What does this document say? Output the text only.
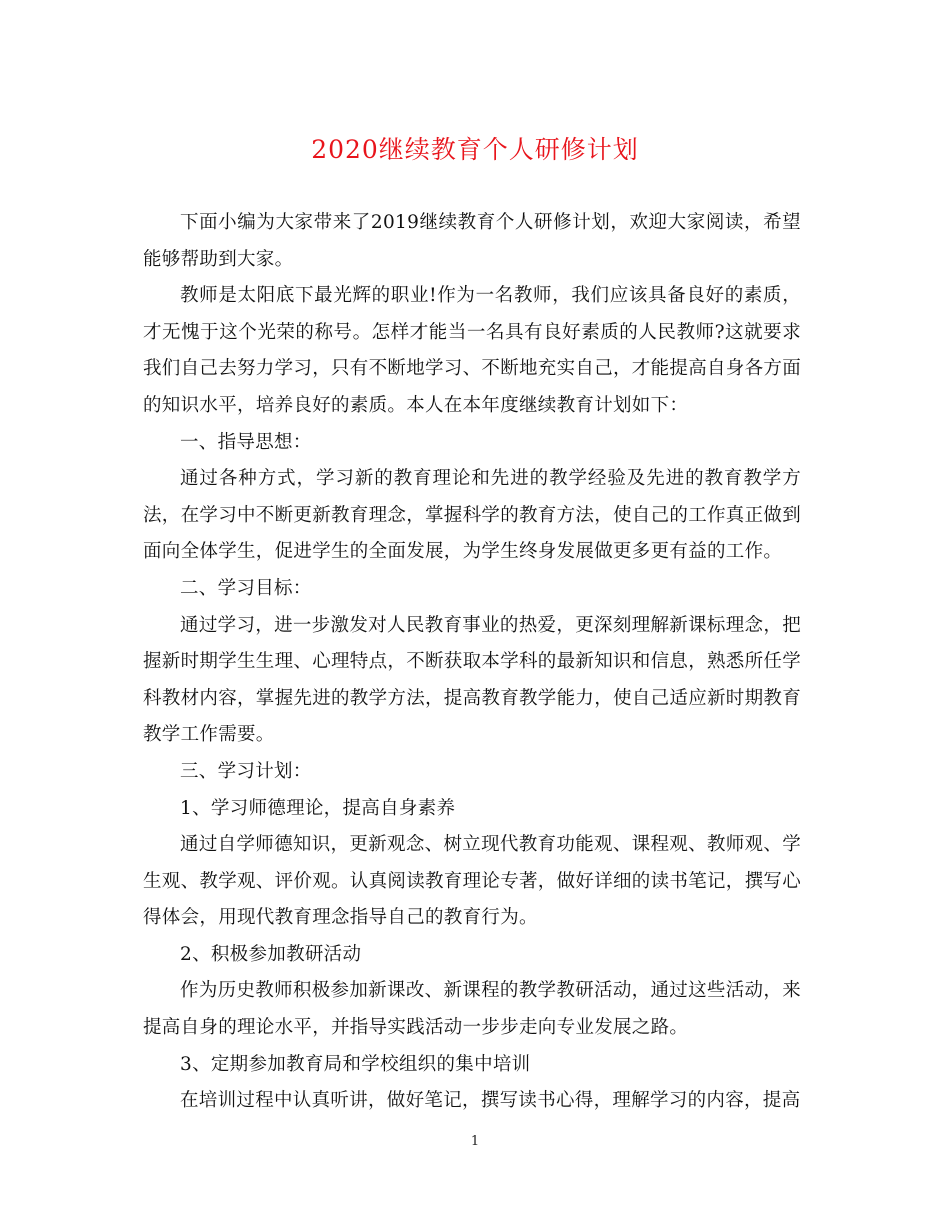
2020继续教育个人研修计划

下面小编为大家带来了2019继续教育个人研修计划，欢迎大家阅读，希望能够帮助到大家。

教师是太阳底下最光辉的职业!作为一名教师，我们应该具备良好的素质，才无愧于这个光荣的称号。怎样才能当一名具有良好素质的人民教师?这就要求我们自己去努力学习，只有不断地学习、不断地充实自己，才能提高自身各方面的知识水平，培养良好的素质。本人在本年度继续教育计划如下：

一、指导思想：

通过各种方式，学习新的教育理论和先进的教学经验及先进的教育教学方法，在学习中不断更新教育理念，掌握科学的教育方法，使自己的工作真正做到面向全体学生，促进学生的全面发展，为学生终身发展做更多更有益的工作。

二、学习目标：

通过学习，进一步激发对人民教育事业的热爱，更深刻理解新课标理念，把握新时期学生生理、心理特点，不断获取本学科的最新知识和信息，熟悉所任学科教材内容，掌握先进的教学方法，提高教育教学能力，使自己适应新时期教育教学工作需要。

三、学习计划：

1、学习师德理论，提高自身素养

通过自学师德知识，更新观念、树立现代教育功能观、课程观、教师观、学生观、教学观、评价观。认真阅读教育理论专著，做好详细的读书笔记，撰写心得体会，用现代教育理念指导自己的教育行为。

2、积极参加教研活动

作为历史教师积极参加新课改、新课程的教学教研活动，通过这些活动，来提高自身的理论水平，并指导实践活动一步步走向专业发展之路。

3、定期参加教育局和学校组织的集中培训

在培训过程中认真听讲，做好笔记，撰写读书心得，理解学习的内容，提高

1
